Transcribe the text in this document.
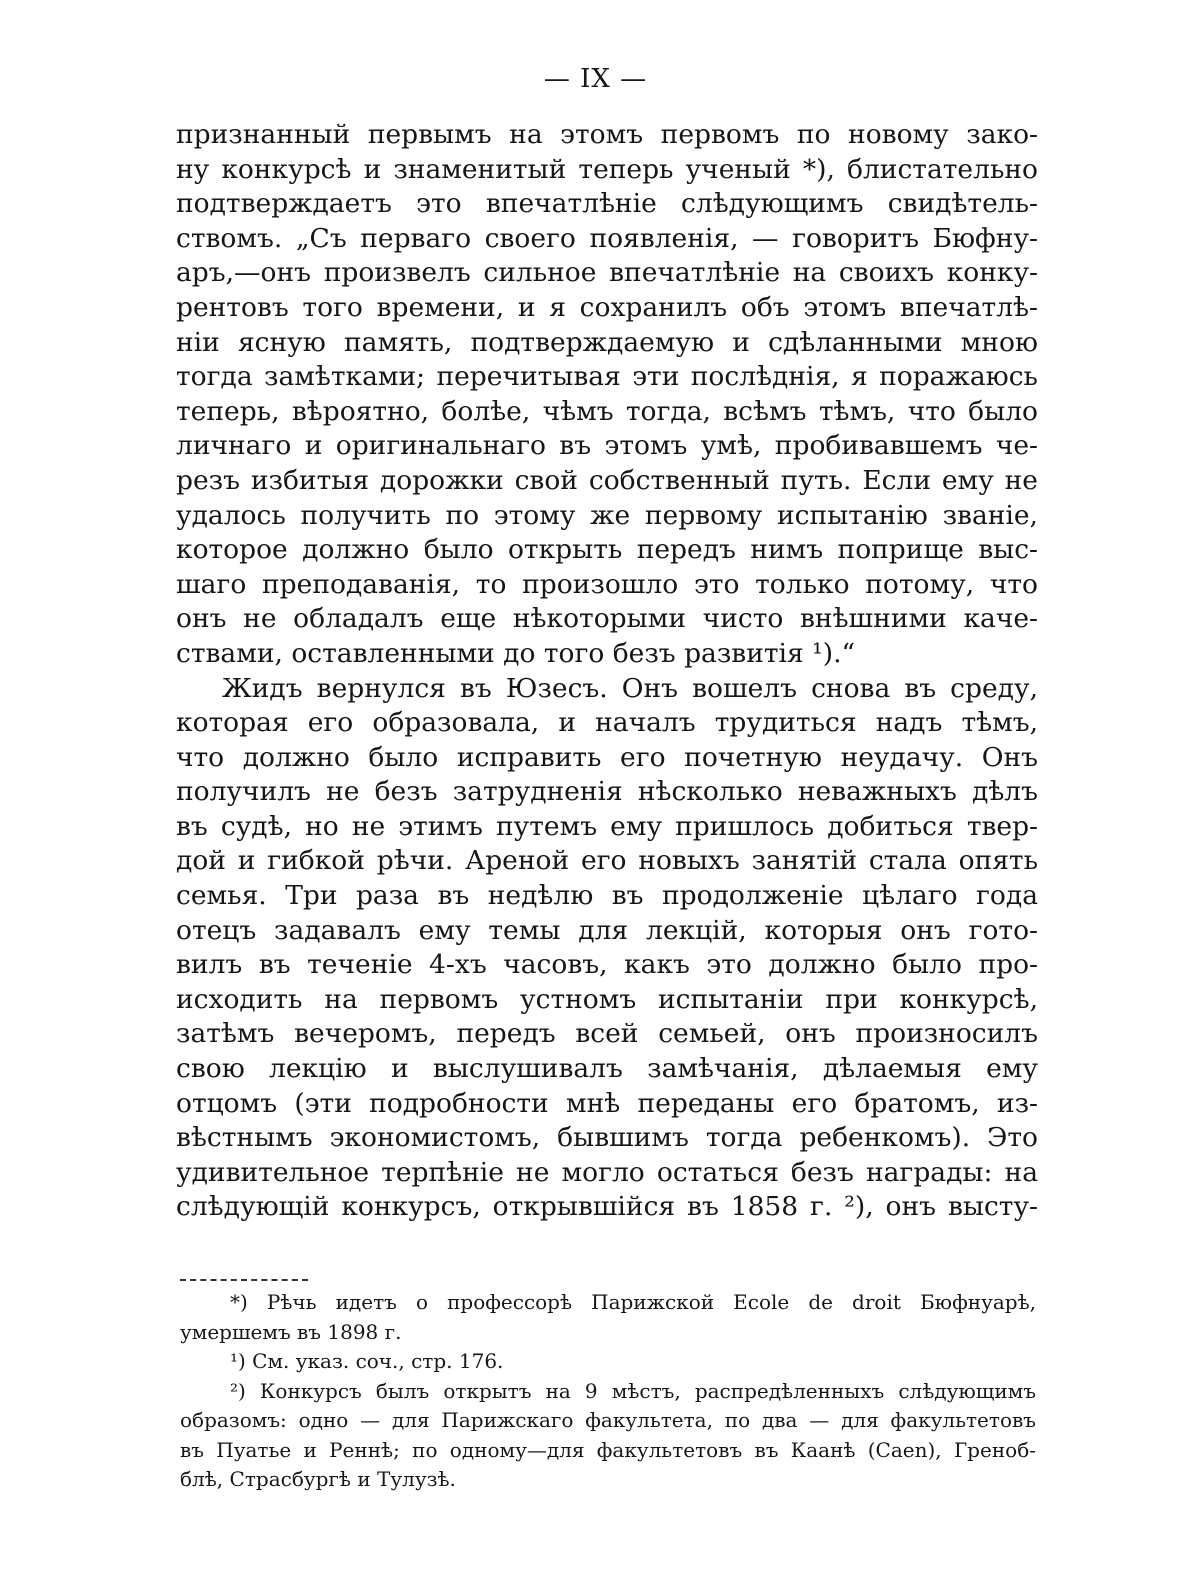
— IX —
признанный первымъ на этомъ первомъ по новому зако-
ну конкурсѣ и знаменитый теперь ученый *), блистательно
подтверждаетъ это впечатлѣніе слѣдующимъ свидѣтель-
ствомъ. „Съ перваго своего появленія, — говоритъ Бюфну-
аръ,—онъ произвелъ сильное впечатлѣніе на своихъ конку-
рентовъ того времени, и я сохранилъ объ этомъ впечатлѣ-
ніи ясную память, подтверждаемую и сдѣланными мною
тогда замѣтками; перечитывая эти послѣднія, я поражаюсь
теперь, вѣроятно, болѣе, чѣмъ тогда, всѣмъ тѣмъ, что было
личнаго и оригинальнаго въ этомъ умѣ, пробивавшемъ че-
резъ избитыя дорожки свой собственный путь. Если ему не
удалось получить по этому же первому испытанію званіе,
которое должно было открыть передъ нимъ поприще выс-
шаго преподаванія, то произошло это только потому, что
онъ не обладалъ еще нѣкоторыми чисто внѣшними каче-
ствами, оставленными до того безъ развитія ¹).“
Жидъ вернулся въ Юзесъ. Онъ вошелъ снова въ среду,
которая его образовала, и началъ трудиться надъ тѣмъ,
что должно было исправить его почетную неудачу. Онъ
получилъ не безъ затрудненія нѣсколько неважныхъ дѣлъ
въ судѣ, но не этимъ путемъ ему пришлось добиться твер-
дой и гибкой рѣчи. Ареной его новыхъ занятій стала опять
семья. Три раза въ недѣлю въ продолженіе цѣлаго года
отецъ задавалъ ему темы для лекцій, которыя онъ гото-
вилъ въ теченіе 4-хъ часовъ, какъ это должно было про-
исходить на первомъ устномъ испытаніи при конкурсѣ,
затѣмъ вечеромъ, передъ всей семьей, онъ произносилъ
свою лекцію и выслушивалъ замѣчанія, дѣлаемыя ему
отцомъ (эти подробности мнѣ переданы его братомъ, из-
вѣстнымъ экономистомъ, бывшимъ тогда ребенкомъ). Это
удивительное терпѣніе не могло остаться безъ награды: на
слѣдующій конкурсъ, открывшійся въ 1858 г. ²), онъ высту-
*) Рѣчь идетъ о профессорѣ Парижской Ecole de droit Бюфнуарѣ,
умершемъ въ 1898 г.
¹) См. указ. соч., стр. 176.
²) Конкурсъ былъ открытъ на 9 мѣстъ, распредѣленныхъ слѣдующимъ
образомъ: одно — для Парижскаго факультета, по два — для факультетовъ
въ Пуатье и Реннѣ; по одному—для факультетовъ въ Каанѣ (Caen), Греноб-
блѣ, Страсбургѣ и Тулузѣ.
